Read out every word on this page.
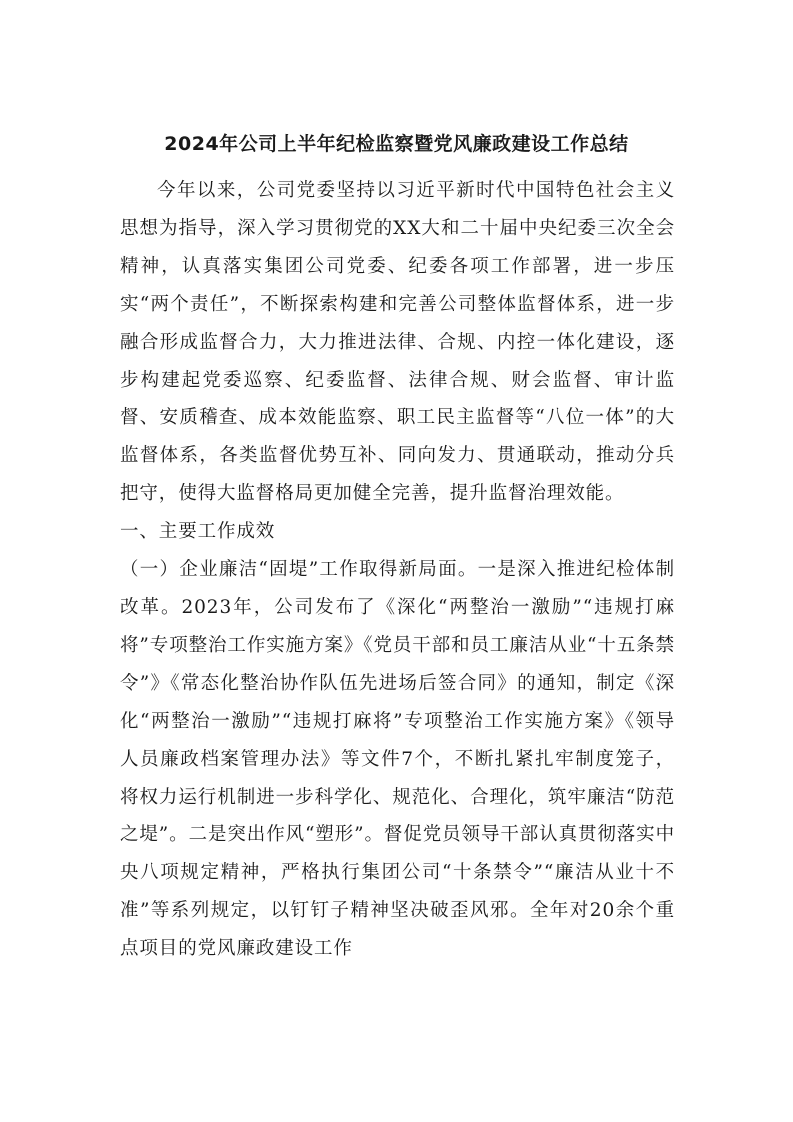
2024年公司上半年纪检监察暨党风廉政建设工作总结

今年以来，公司党委坚持以习近平新时代中国特色社会主义思想为指导，深入学习贯彻党的XX大和二十届中央纪委三次全会精神，认真落实集团公司党委、纪委各项工作部署，进一步压实“两个责任”，不断探索构建和完善公司整体监督体系，进一步融合形成监督合力，大力推进法律、合规、内控一体化建设，逐步构建起党委巡察、纪委监督、法律合规、财会监督、审计监督、安质稽查、成本效能监察、职工民主监督等“八位一体”的大监督体系，各类监督优势互补、同向发力、贯通联动，推动分兵把守，使得大监督格局更加健全完善，提升监督治理效能。

一、主要工作成效

（一）企业廉洁“固堤”工作取得新局面。一是深入推进纪检体制改革。2023年，公司发布了《深化“两整治一激励”“违规打麻将”专项整治工作实施方案》《党员干部和员工廉洁从业“十五条禁令”》《常态化整治协作队伍先进场后签合同》的通知，制定《深化“两整治一激励”“违规打麻将”专项整治工作实施方案》《领导人员廉政档案管理办法》等文件7个，不断扎紧扎牢制度笼子，将权力运行机制进一步科学化、规范化、合理化，筑牢廉洁“防范之堤”。二是突出作风“塑形”。督促党员领导干部认真贯彻落实中央八项规定精神，严格执行集团公司“十条禁令”“廉洁从业十不准”等系列规定，以钉钉子精神坚决破歪风邪。全年对20余个重点项目的党风廉政建设工作
